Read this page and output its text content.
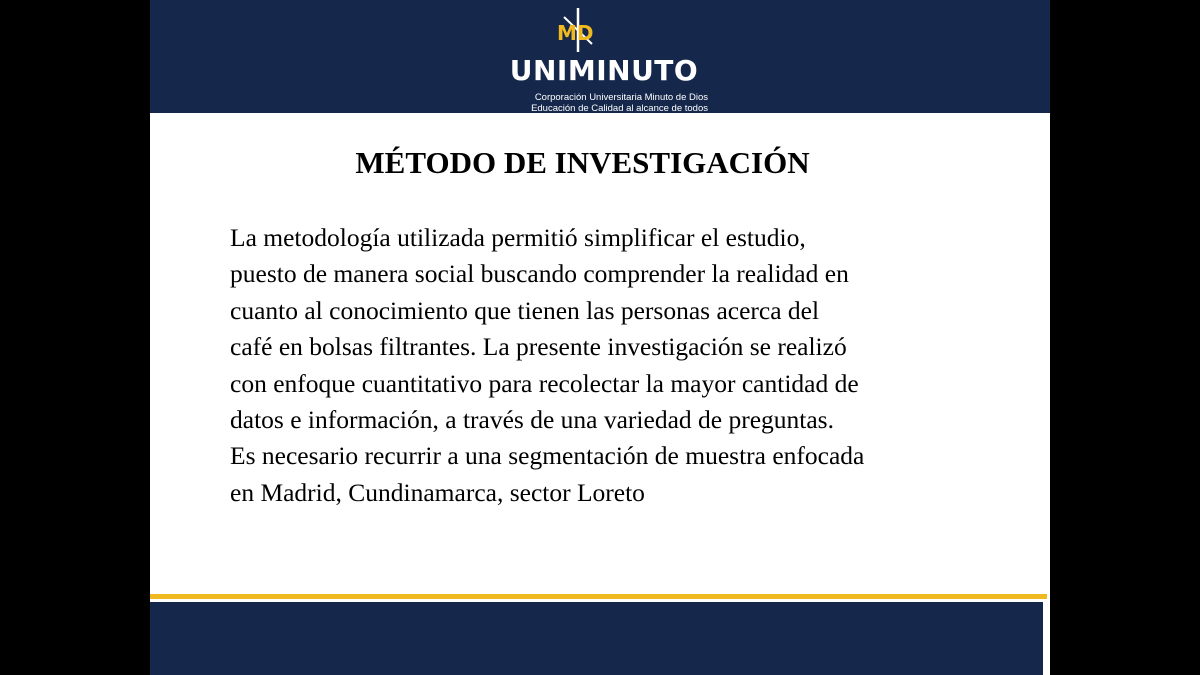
MD
UNIMINUTO
Corporación Universitaria Minuto de Dios
Educación de Calidad al alcance de todos
MÉTODO DE INVESTIGACIÓN

La metodología utilizada permitió simplificar el estudio,
puesto de manera social buscando comprender la realidad en
cuanto al conocimiento que tienen las personas acerca del
café en bolsas filtrantes. La presente investigación se realizó
con enfoque cuantitativo para recolectar la mayor cantidad de
datos e información, a través de una variedad de preguntas.
Es necesario recurrir a una segmentación de muestra enfocada
en Madrid, Cundinamarca, sector Loreto
